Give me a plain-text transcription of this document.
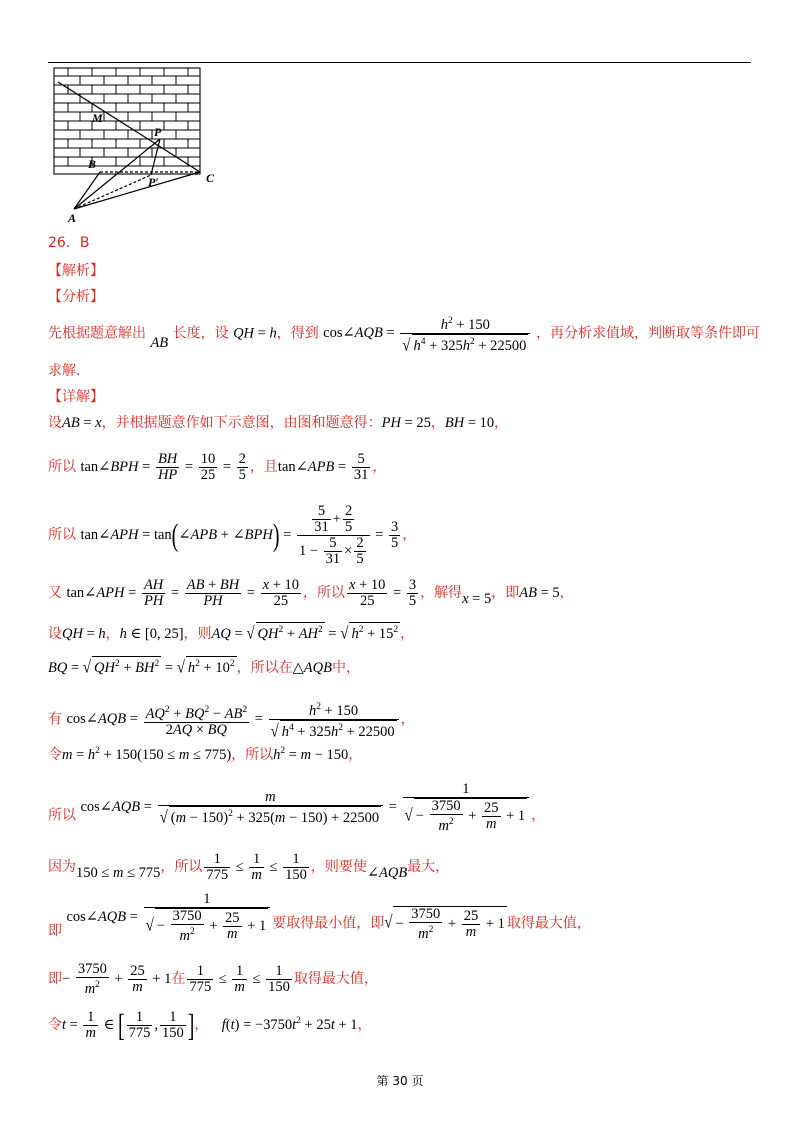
M
P
B
P′	C
A
26．B
【解析】
【分析】
先根据题意解出 AB 长度，设 QH = h，得到 cos∠AQB = $\frac{h^2 + 150}{√ h^4 + 325h^2 + 22500}$ ，再分析求值域，判断取等条件即可
求解.
【详解】
设AB = x，并根据题意作如下示意图，由图和题意得：PH = 25，BH = 10，
所以 tan∠BPH = $\frac{BH}{HP} = \frac{10}{25} = \frac{2}{5}$ ，且tan∠APB = $\frac{5}{31}$ ，
所以 tan∠APH = tan(∠APB + ∠BPH) = $\frac{\frac{5}{31} + \frac{2}{5}}{1 - \frac{5}{31} \times \frac{2}{5}} = \frac{3}{5}$ ，
又 tan∠APH = $\frac{AH}{PH} = \frac{AB + BH}{PH} = \frac{x + 10}{25}$ ，所以 $\frac{x + 10}{25} = \frac{3}{5}$ ，解得x = 5，即AB = 5，
设QH = h，h ∈ [0, 25]，则AQ = √ $QH^2 + AH^2$ = √ $h^2 + 15^2$ ，
BQ = √ $QH^2 + BH^2$ = √ $h^2 + 10^2$ ，所以在△AQB中，
有 cos∠AQB = $\frac{AQ^2 + BQ^2 - AB^2}{2AQ \times BQ} = \frac{h^2 + 150}{√ h^4 + 325h^2 + 22500}$ ，
令$m = h^2 + 150(150 \le m \le 775)$，所以$h^2 = m - 150$，
所以 cos∠AQB = $\frac{m}{√ (m - 150)^2 + 325(m - 150) + 22500} = \frac{1}{√ - \frac{3750}{m^2} + \frac{25}{m} + 1}$ ，
因为150 ≤ m ≤ 775，所以 $\frac{1}{775} \le \frac{1}{m} \le \frac{1}{150}$ ，则要使∠AQB最大，
即 cos∠AQB = $\frac{1}{√ - \frac{3750}{m^2} + \frac{25}{m} + 1}$ 要取得最小值，即√ − $\frac{3750}{m^2} + \frac{25}{m} + 1$ 取得最大值，
即− $\frac{3750}{m^2} + \frac{25}{m} + 1$在 $\frac{1}{775} \le \frac{1}{m} \le \frac{1}{150}$ 取得最大值，
令$t = \frac{1}{m}$ ∈ [ $\frac{1}{775}$ , $\frac{1}{150}$ ]， $f(t) = -3750t^2 + 25t + 1$，
第 30 页
